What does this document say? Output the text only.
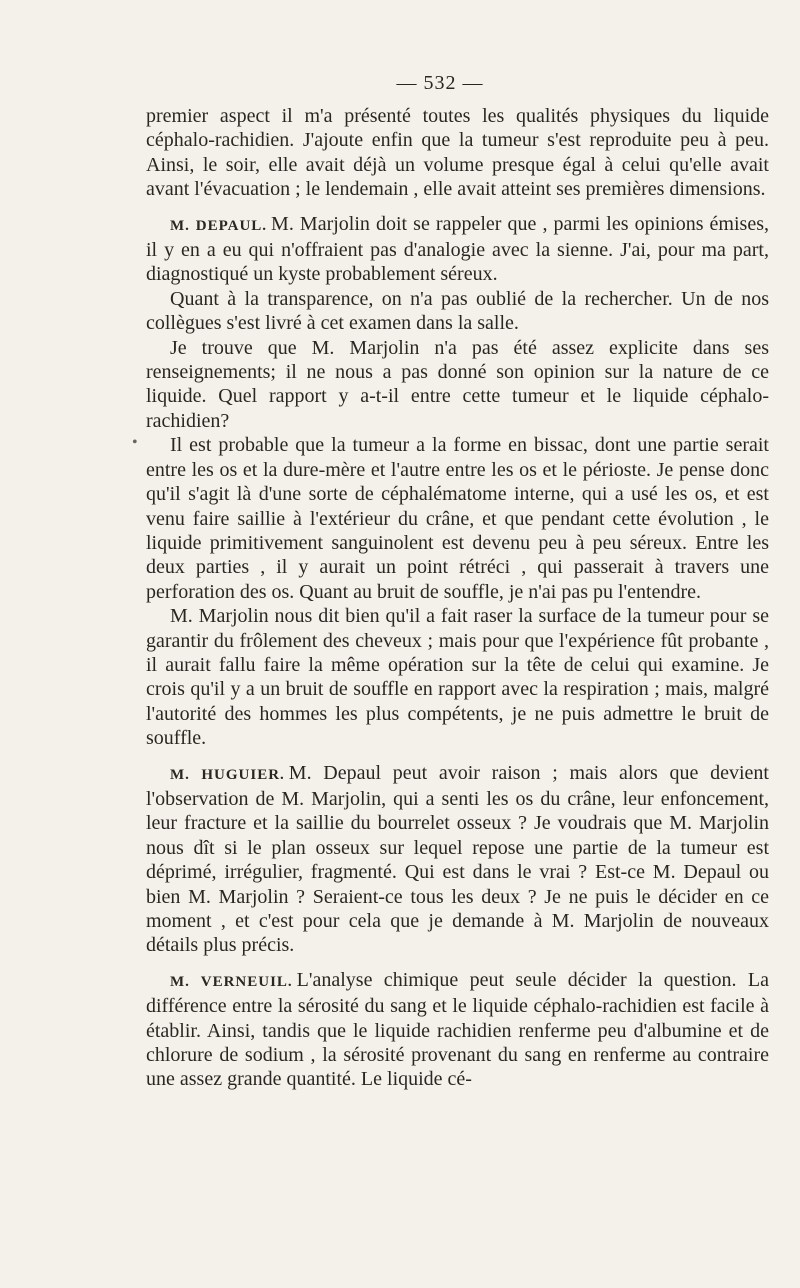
— 532 —

premier aspect il m'a présenté toutes les qualités physiques du liquide céphalo-rachidien. J'ajoute enfin que la tumeur s'est reproduite peu à peu. Ainsi, le soir, elle avait déjà un volume presque égal à celui qu'elle avait avant l'évacuation ; le lendemain , elle avait atteint ses premières dimensions.

M. DEPAUL. M. Marjolin doit se rappeler que , parmi les opinions émises, il y en a eu qui n'offraient pas d'analogie avec la sienne. J'ai, pour ma part, diagnostiqué un kyste probablement séreux.

Quant à la transparence, on n'a pas oublié de la rechercher. Un de nos collègues s'est livré à cet examen dans la salle.

Je trouve que M. Marjolin n'a pas été assez explicite dans ses renseignements; il ne nous a pas donné son opinion sur la nature de ce liquide. Quel rapport y a-t-il entre cette tumeur et le liquide céphalo-rachidien?

Il est probable que la tumeur a la forme en bissac, dont une partie serait entre les os et la dure-mère et l'autre entre les os et le périoste. Je pense donc qu'il s'agit là d'une sorte de céphalématome interne, qui a usé les os, et est venu faire saillie à l'extérieur du crâne, et que pendant cette évolution , le liquide primitivement sanguinolent est devenu peu à peu séreux. Entre les deux parties , il y aurait un point rétréci , qui passerait à travers une perforation des os. Quant au bruit de souffle, je n'ai pas pu l'entendre.

M. Marjolin nous dit bien qu'il a fait raser la surface de la tumeur pour se garantir du frôlement des cheveux ; mais pour que l'expérience fût probante , il aurait fallu faire la même opération sur la tête de celui qui examine. Je crois qu'il y a un bruit de souffle en rapport avec la respiration ; mais, malgré l'autorité des hommes les plus compétents, je ne puis admettre le bruit de souffle.

M. HUGUIER. M. Depaul peut avoir raison ; mais alors que devient l'observation de M. Marjolin, qui a senti les os du crâne, leur enfoncement, leur fracture et la saillie du bourrelet osseux ? Je voudrais que M. Marjolin nous dît si le plan osseux sur lequel repose une partie de la tumeur est déprimé, irrégulier, fragmenté. Qui est dans le vrai ? Est-ce M. Depaul ou bien M. Marjolin ? Seraient-ce tous les deux ? Je ne puis le décider en ce moment , et c'est pour cela que je demande à M. Marjolin de nouveaux détails plus précis.

M. VERNEUIL. L'analyse chimique peut seule décider la question. La différence entre la sérosité du sang et le liquide céphalo-rachidien est facile à établir. Ainsi, tandis que le liquide rachidien renferme peu d'albumine et de chlorure de sodium , la sérosité provenant du sang en renferme au contraire une assez grande quantité. Le liquide cé-

•
